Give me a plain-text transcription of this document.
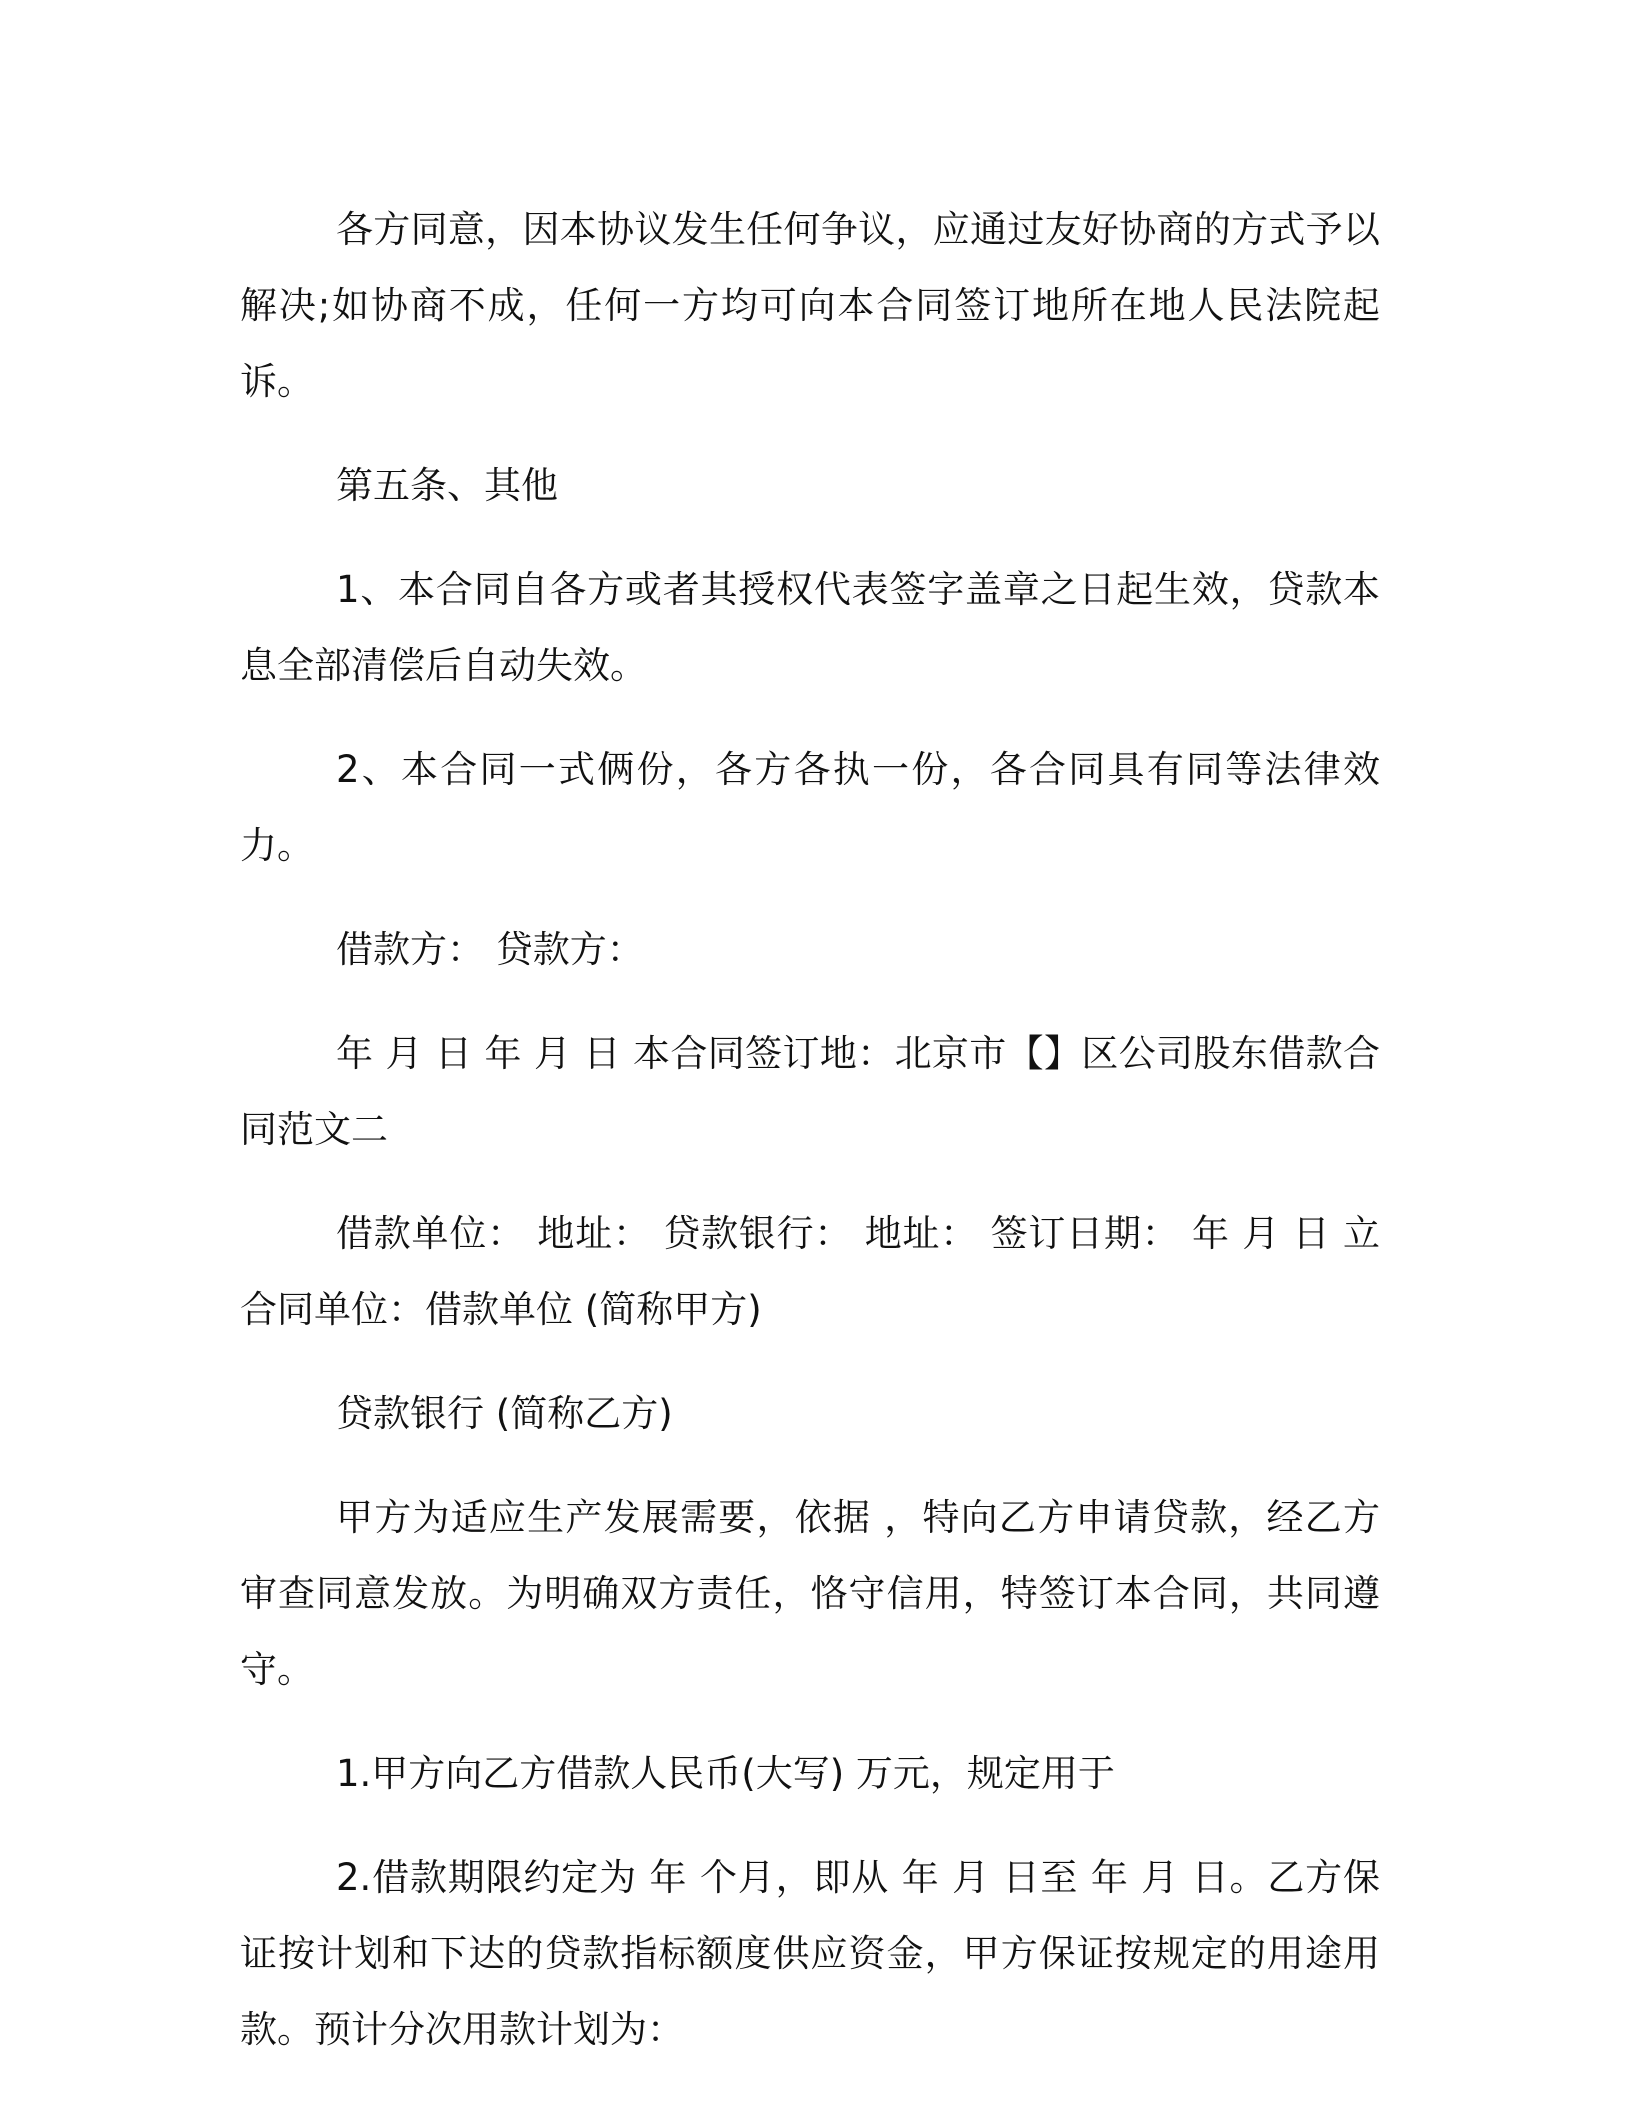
各方同意，因本协议发生任何争议，应通过友好协商的方式予以解决;如协商不成，任何一方均可向本合同签订地所在地人民法院起诉。

第五条、其他

1、本合同自各方或者其授权代表签字盖章之日起生效，贷款本息全部清偿后自动失效。

2、本合同一式俩份，各方各执一份，各合同具有同等法律效力。

借款方： 贷款方：

年 月 日 年 月 日 本合同签订地：北京市【】区公司股东借款合同范文二

借款单位： 地址： 贷款银行： 地址： 签订日期： 年 月 日 立合同单位：借款单位 (简称甲方)

贷款银行 (简称乙方)

甲方为适应生产发展需要，依据 ，特向乙方申请贷款，经乙方审查同意发放。为明确双方责任，恪守信用，特签订本合同，共同遵守。

1.甲方向乙方借款人民币(大写) 万元，规定用于

2.借款期限约定为 年 个月，即从 年 月 日至 年 月 日。乙方保证按计划和下达的贷款指标额度供应资金，甲方保证按规定的用途用款。预计分次用款计划为：
